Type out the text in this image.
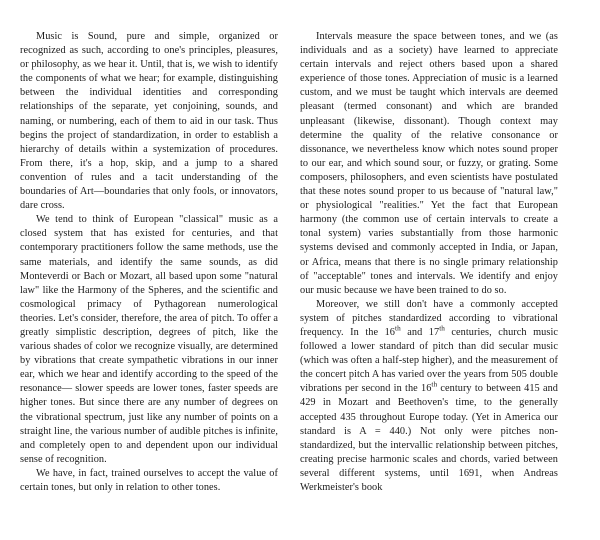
Music is Sound, pure and simple, organized or recognized as such, according to one's principles, pleasures, or philosophy, as we hear it. Until, that is, we wish to identify the components of what we hear; for example, distinguishing between the individual identities and corresponding relationships of the separate, yet conjoining, sounds, and naming, or numbering, each of them to aid in our task. Thus begins the project of standardization, in order to establish a hierarchy of details within a systemization of procedures. From there, it's a hop, skip, and a jump to a shared convention of rules and a tacit understanding of the boundaries of Art—boundaries that only fools, or innovators, dare cross.

We tend to think of European "classical" music as a closed system that has existed for centuries, and that contemporary practitioners follow the same methods, use the same materials, and identify the same sounds, as did Monteverdi or Bach or Mozart, all based upon some "natural law" like the Harmony of the Spheres, and the scientific and cosmological primacy of Pythagorean numerological theories. Let's consider, therefore, the area of pitch. To offer a greatly simplistic description, degrees of pitch, like the various shades of color we recognize visually, are determined by vibrations that create sympathetic vibrations in our inner ear, which we hear and identify according to the speed of the resonance— slower speeds are lower tones, faster speeds are higher tones. But since there are any number of degrees on the vibrational spectrum, just like any number of points on a straight line, the various number of audible pitches is infinite, and completely open to and dependent upon our individual sense of recognition.

We have, in fact, trained ourselves to accept the value of certain tones, but only in relation to other tones.

Intervals measure the space between tones, and we (as individuals and as a society) have learned to appreciate certain intervals and reject others based upon a shared experience of those tones. Appreciation of music is a learned custom, and we must be taught which intervals are deemed pleasant (termed consonant) and which are branded unpleasant (likewise, dissonant). Though context may determine the quality of the relative consonance or dissonance, we nevertheless know which notes sound proper to our ear, and which sound sour, or fuzzy, or grating. Some composers, philosophers, and even scientists have postulated that these notes sound proper to us because of "natural law," or physiological "realities." Yet the fact that European harmony (the common use of certain intervals to create a tonal system) varies substantially from those harmonic systems devised and commonly accepted in India, or Japan, or Africa, means that there is no single primary relationship of "acceptable" tones and intervals. We identify and enjoy our music because we have been trained to do so.

Moreover, we still don't have a commonly accepted system of pitches standardized according to vibrational frequency. In the 16th and 17th centuries, church music followed a lower standard of pitch than did secular music (which was often a half-step higher), and the measurement of the concert pitch A has varied over the years from 505 double vibrations per second in the 16th century to between 415 and 429 in Mozart and Beethoven's time, to the generally accepted 435 throughout Europe today. (Yet in America our standard is A = 440.) Not only were pitches non-standardized, but the intervallic relationship between pitches, creating precise harmonic scales and chords, varied between several different systems, until 1691, when Andreas Werkmeister's book
